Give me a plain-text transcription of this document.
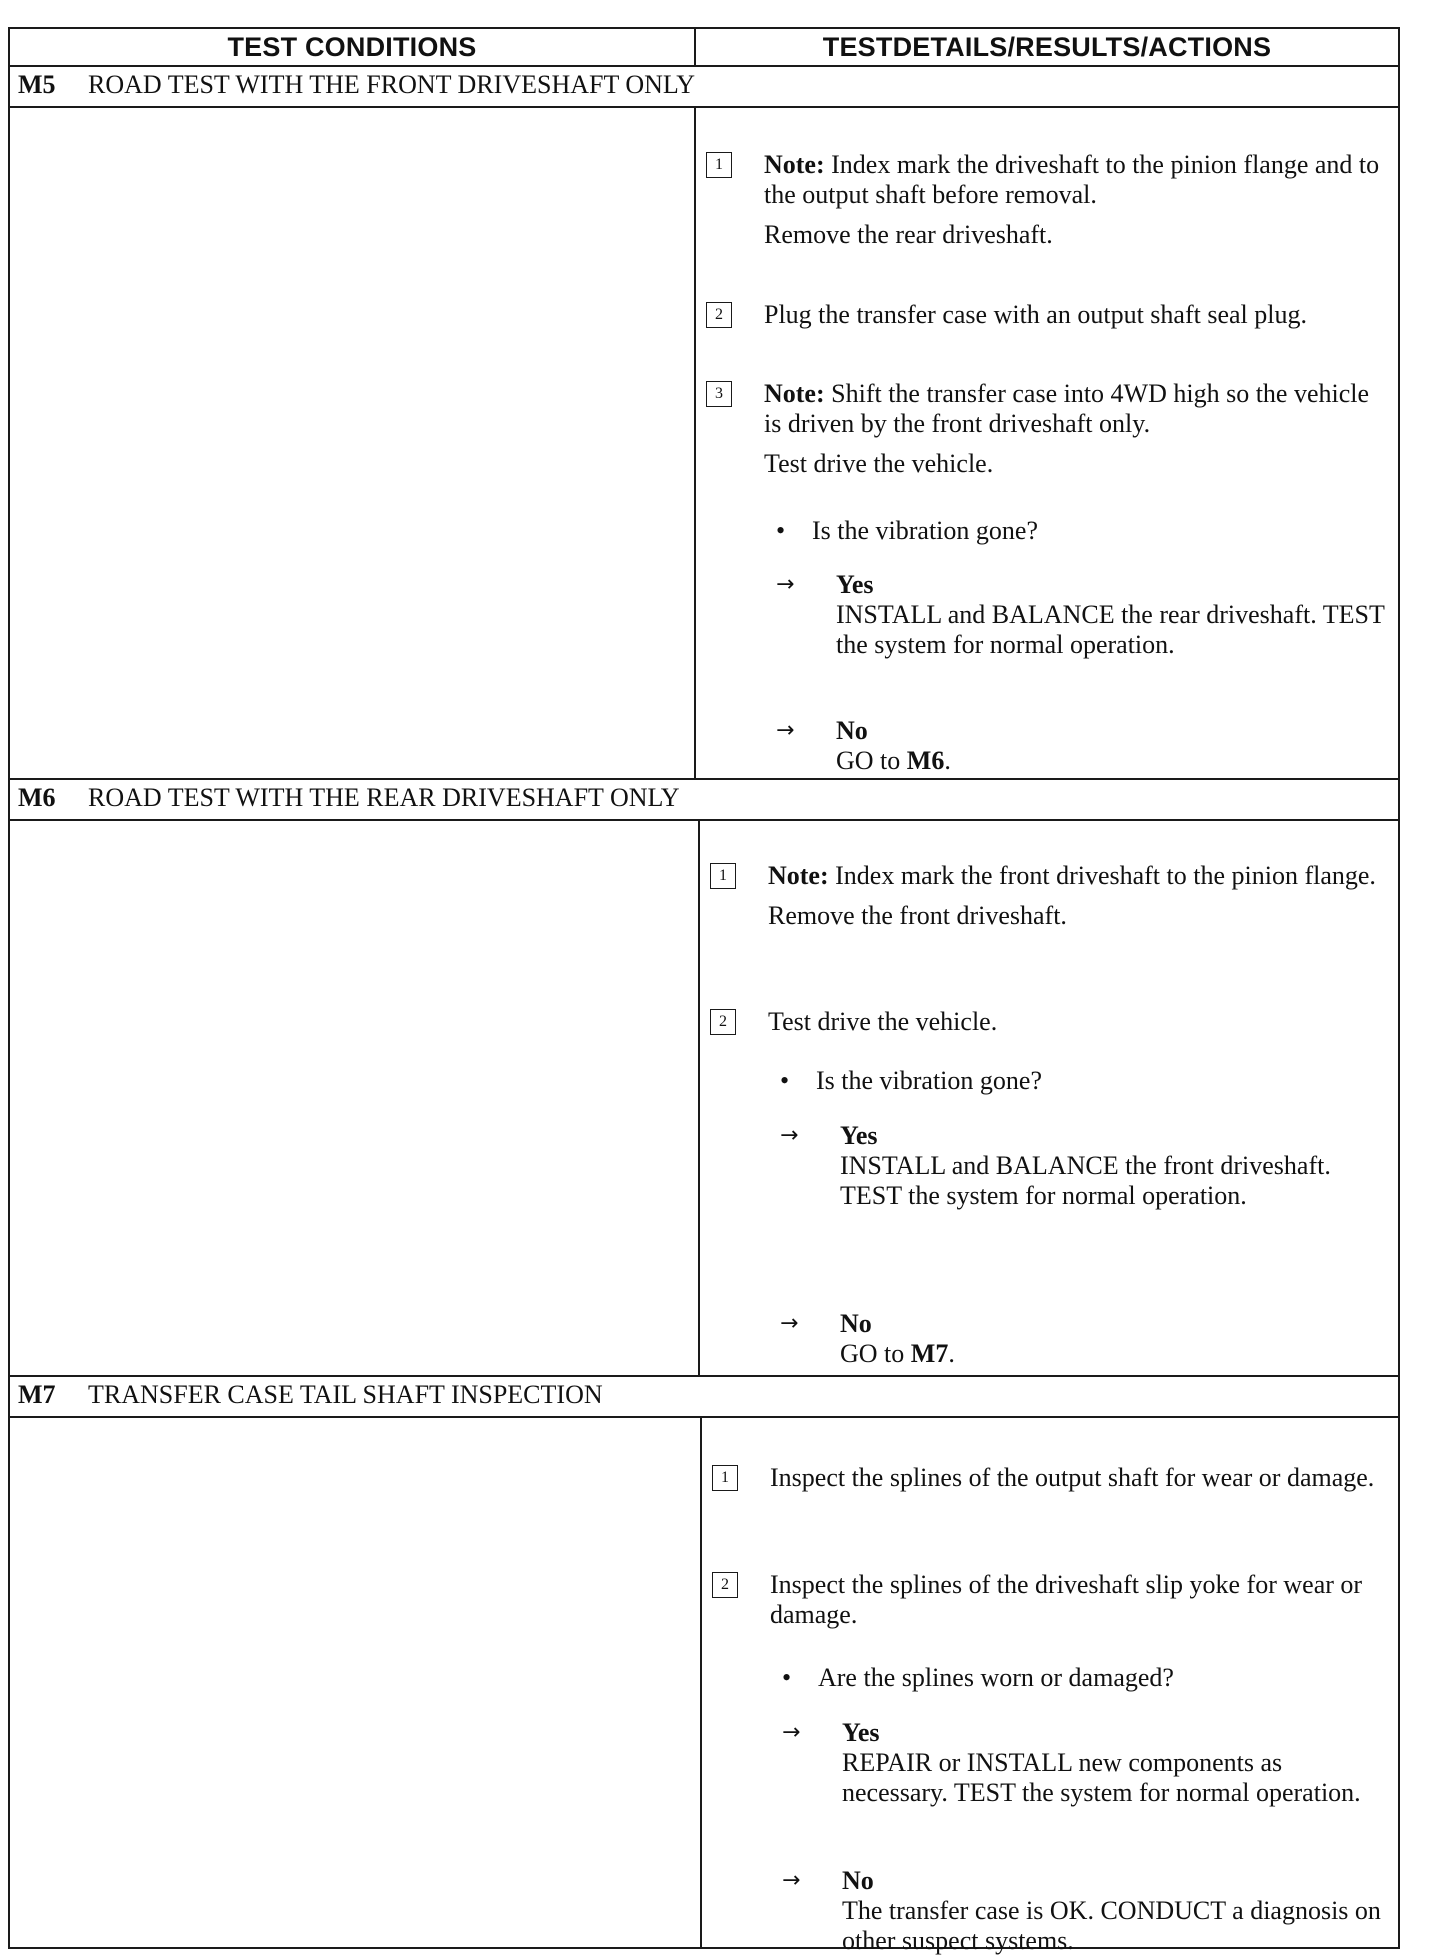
TEST CONDITIONS	TESTDETAILS/RESULTS/ACTIONS
M5 ROAD TEST WITH THE FRONT DRIVESHAFT ONLY
1	Note: Index mark the driveshaft to the pinion flange and to the output shaft before removal.

Remove the rear driveshaft.

2	Plug the transfer case with an output shaft seal plug.

3	Note: Shift the transfer case into 4WD high so the vehicle is driven by the front driveshaft only.

Test drive the vehicle.

• Is the vibration gone?
→ Yes
INSTALL and BALANCE the rear driveshaft. TEST the system for normal operation.
→ No
GO to M6.
M6 ROAD TEST WITH THE REAR DRIVESHAFT ONLY
1	Note: Index mark the front driveshaft to the pinion flange.

Remove the front driveshaft.

2	Test drive the vehicle.

• Is the vibration gone?
→ Yes
INSTALL and BALANCE the front driveshaft. TEST the system for normal operation.
→ No
GO to M7.
M7 TRANSFER CASE TAIL SHAFT INSPECTION
1	Inspect the splines of the output shaft for wear or damage.

2	Inspect the splines of the driveshaft slip yoke for wear or damage.

• Are the splines worn or damaged?
→ Yes
REPAIR or INSTALL new components as necessary. TEST the system for normal operation.
→ No
The transfer case is OK. CONDUCT a diagnosis on other suspect systems.
